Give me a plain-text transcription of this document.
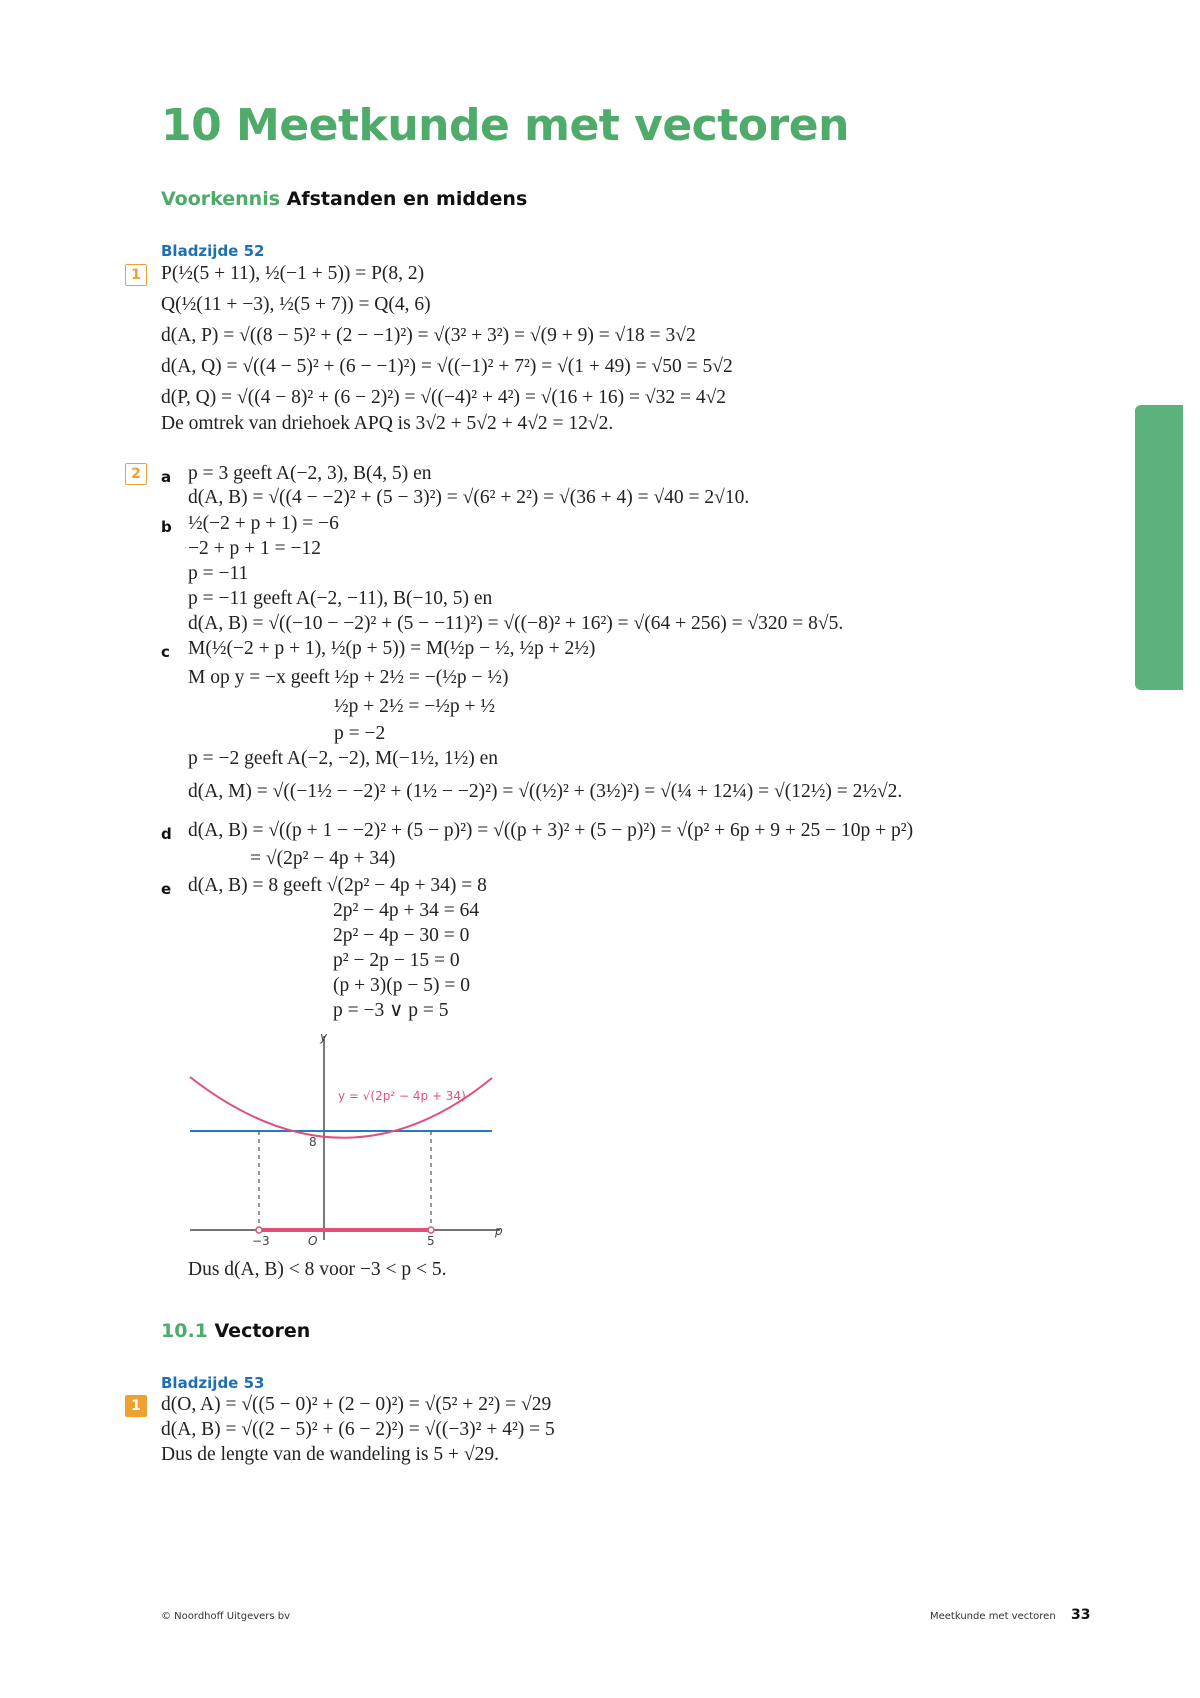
10 Meetkunde met vectoren
Voorkennis Afstanden en middens
Bladzijde 52
1	P(½(5 + 11), ½(−1 + 5)) = P(8, 2)
Q(½(11 + −3), ½(5 + 7)) = Q(4, 6)
d(A, P) = √((8 − 5)² + (2 − −1)²) = √(3² + 3²) = √(9 + 9) = √18 = 3√2
d(A, Q) = √((4 − 5)² + (6 − −1)²) = √((−1)² + 7²) = √(1 + 49) = √50 = 5√2
d(P, Q) = √((4 − 8)² + (6 − 2)²) = √((−4)² + 4²) = √(16 + 16) = √32 = 4√2
De omtrek van driehoek APQ is 3√2 + 5√2 + 4√2 = 12√2.
2	a p = 3 geeft A(−2, 3), B(4, 5) en
d(A, B) = √((4 − −2)² + (5 − 3)²) = √(6² + 2²) = √(36 + 4) = √40 = 2√10.
b ½(−2 + p + 1) = −6
−2 + p + 1 = −12
p = −11
p = −11 geeft A(−2, −11), B(−10, 5) en
d(A, B) = √((−10 − −2)² + (5 − −11)²) = √((−8)² + 16²) = √(64 + 256) = √320 = 8√5.
c M(½(−2 + p + 1), ½(p + 5)) = M(½p − ½, ½p + 2½)
M op y = −x geeft ½p + 2½ = −(½p − ½)
½p + 2½ = −½p + ½
p = −2
p = −2 geeft A(−2, −2), M(−1½, 1½) en
d(A, M) = √((−1½ − −2)² + (1½ − −2)²) = √((½)² + (3½)²) = √(¼ + 12¼) = √(12½) = 2½√2.
d d(A, B) = √((p + 1 − −2)² + (5 − p)²) = √((p + 3)² + (5 − p)²) = √(p² + 6p + 9 + 25 − 10p + p²)
= √(2p² − 4p + 34)
e d(A, B) = 8 geeft √(2p² − 4p + 34) = 8
2p² − 4p + 34 = 64
2p² − 4p − 30 = 0
p² − 2p − 15 = 0
(p + 3)(p − 5) = 0
p = −3 ∨ p = 5
y
p
8
y = √(2p² − 4p + 34)
−3	O	5
Dus d(A, B) < 8 voor −3 < p < 5.
10.1 Vectoren
Bladzijde 53
1	d(O, A) = √((5 − 0)² + (2 − 0)²) = √(5² + 2²) = √29
d(A, B) = √((2 − 5)² + (6 − 2)²) = √((−3)² + 4²) = 5
Dus de lengte van de wandeling is 5 + √29.
© Noordhoff Uitgevers bv	Meetkunde met vectoren 33
